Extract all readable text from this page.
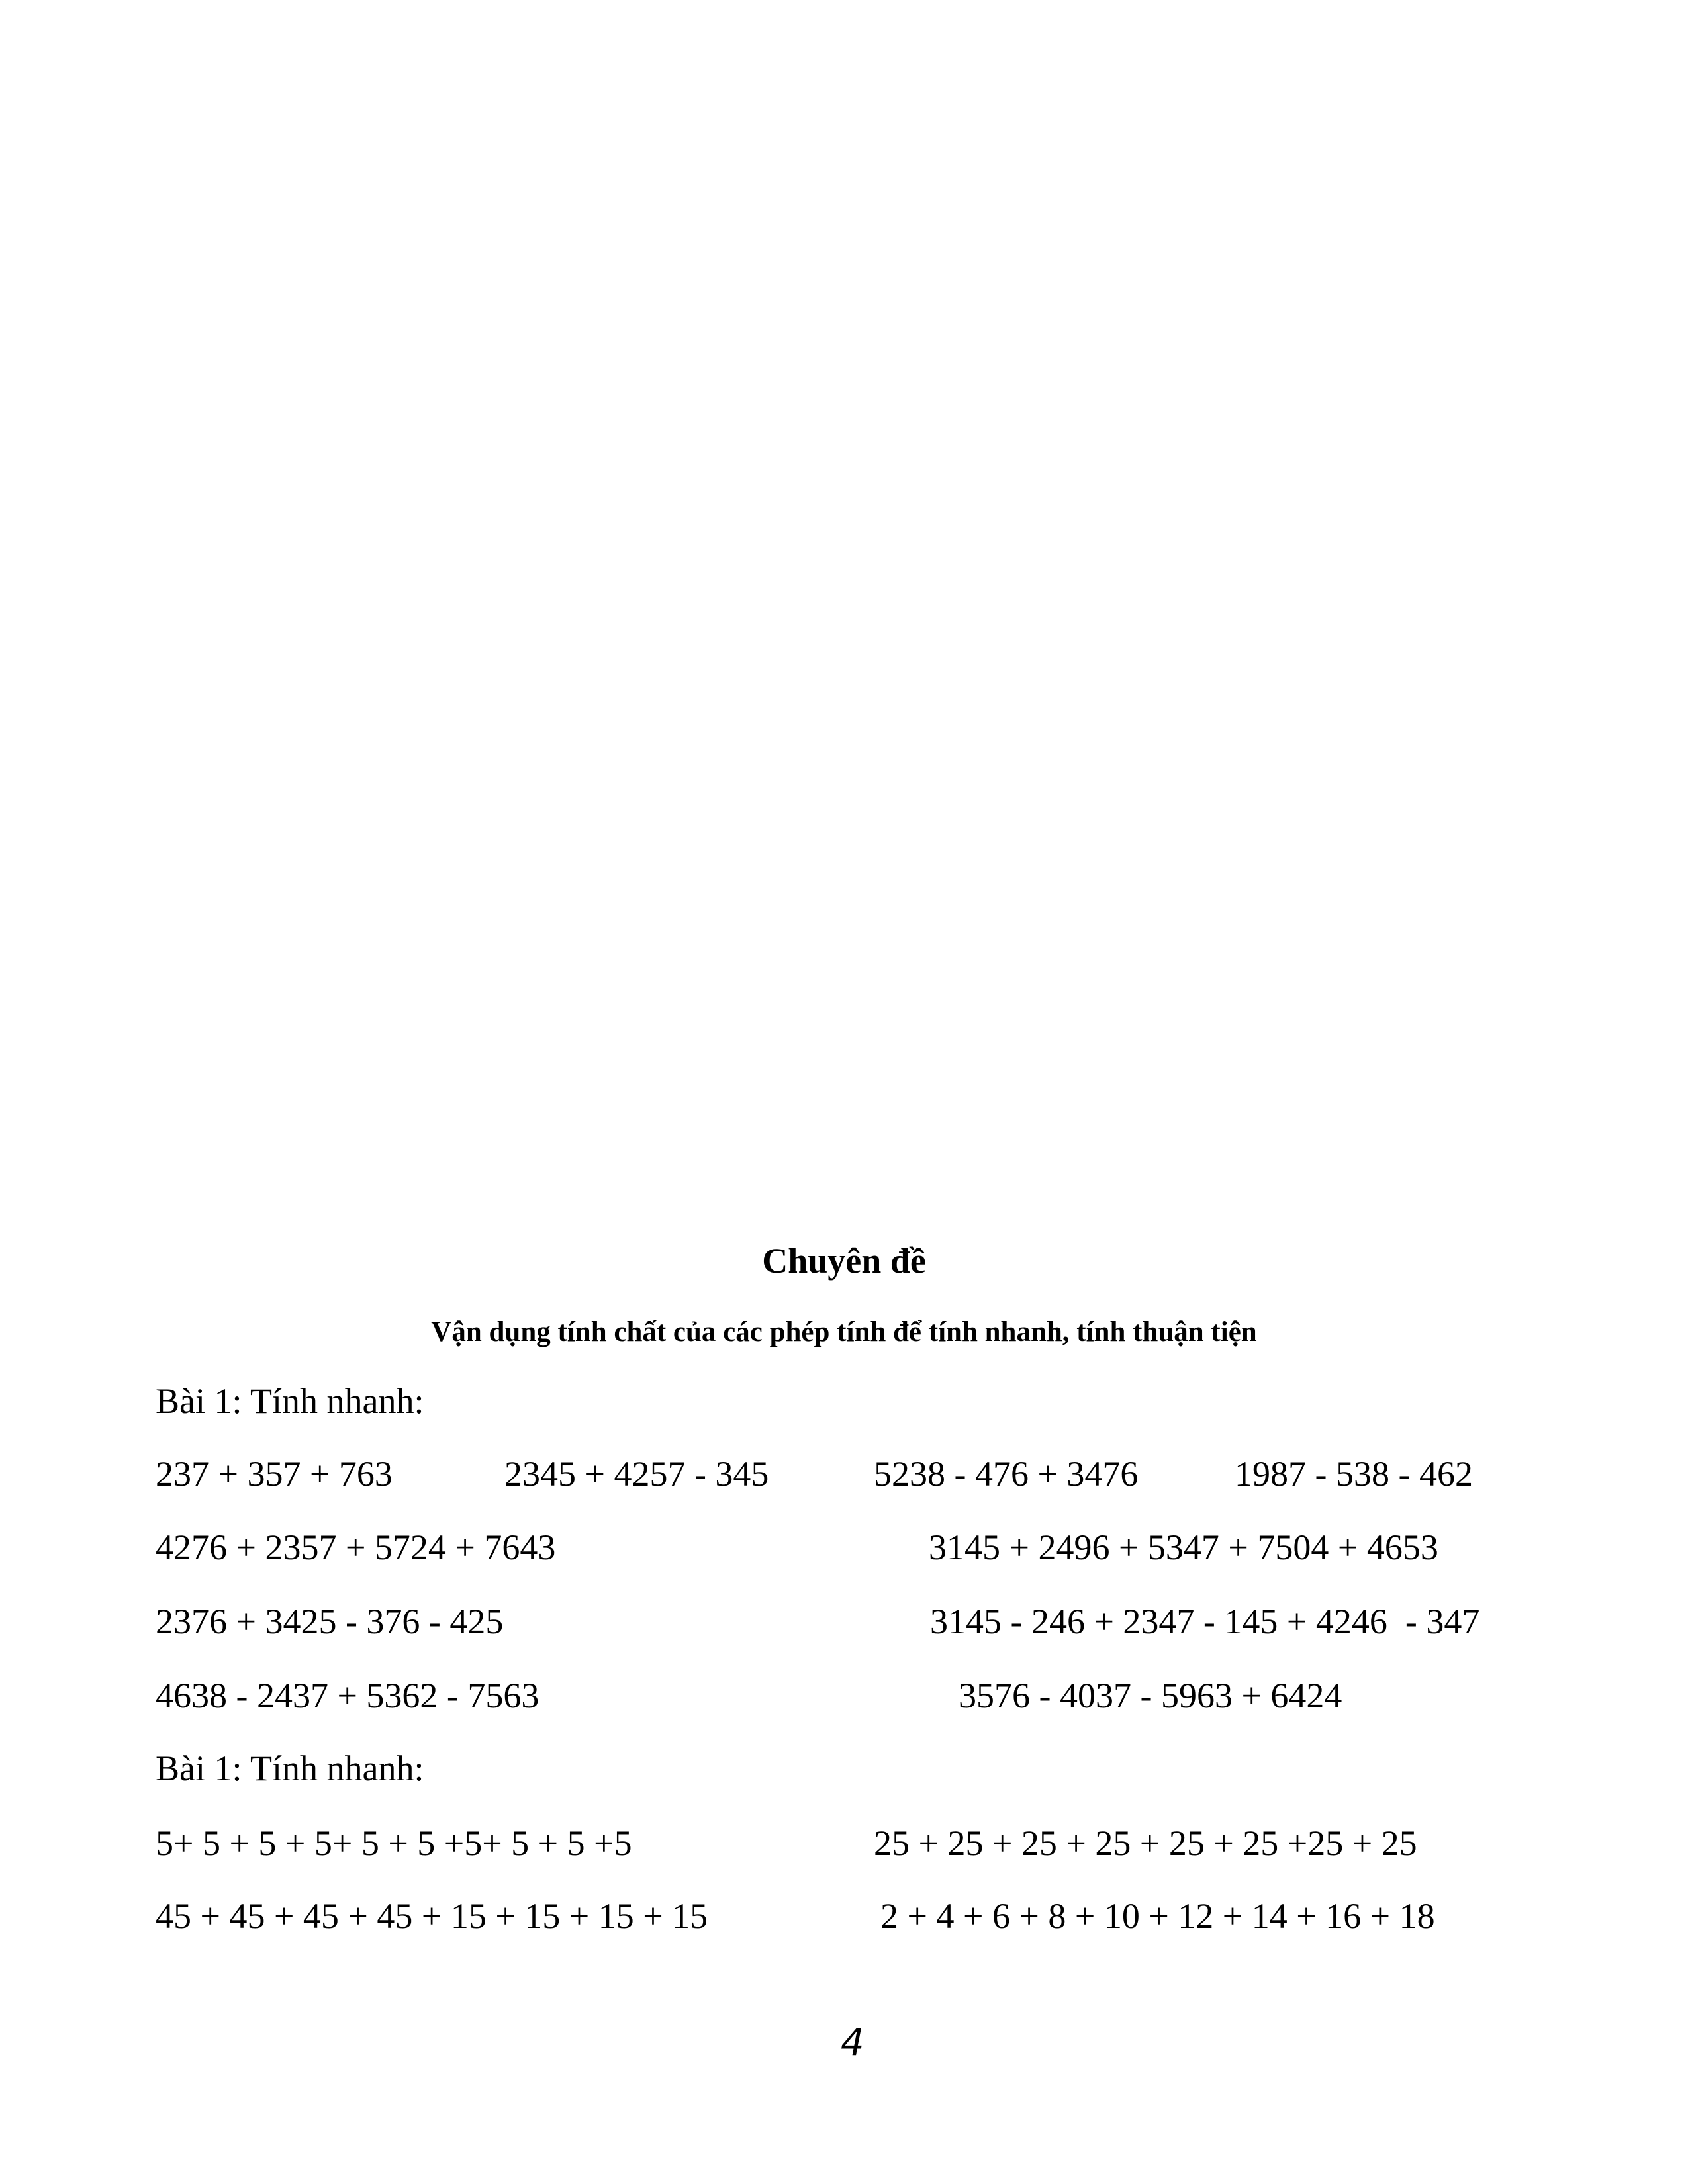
Chuyên đề
Vận dụng tính chất của các phép tính để tính nhanh, tính thuận tiện
Bài 1: Tính nhanh:
237 + 357 + 763	2345 + 4257 - 345	5238 - 476 + 3476	1987 - 538 - 462
4276 + 2357 + 5724 + 7643	3145 + 2496 + 5347 + 7504 + 4653
2376 + 3425 - 376 - 425	3145 - 246 + 2347 - 145 + 4246  - 347
4638 - 2437 + 5362 - 7563	3576 - 4037 - 5963 + 6424
Bài 1: Tính nhanh:
5+ 5 + 5 + 5+ 5 + 5 +5+ 5 + 5 +5	25 + 25 + 25 + 25 + 25 + 25 +25 + 25
45 + 45 + 45 + 45 + 15 + 15 + 15 + 15	2 + 4 + 6 + 8 + 10 + 12 + 14 + 16 + 18
4
